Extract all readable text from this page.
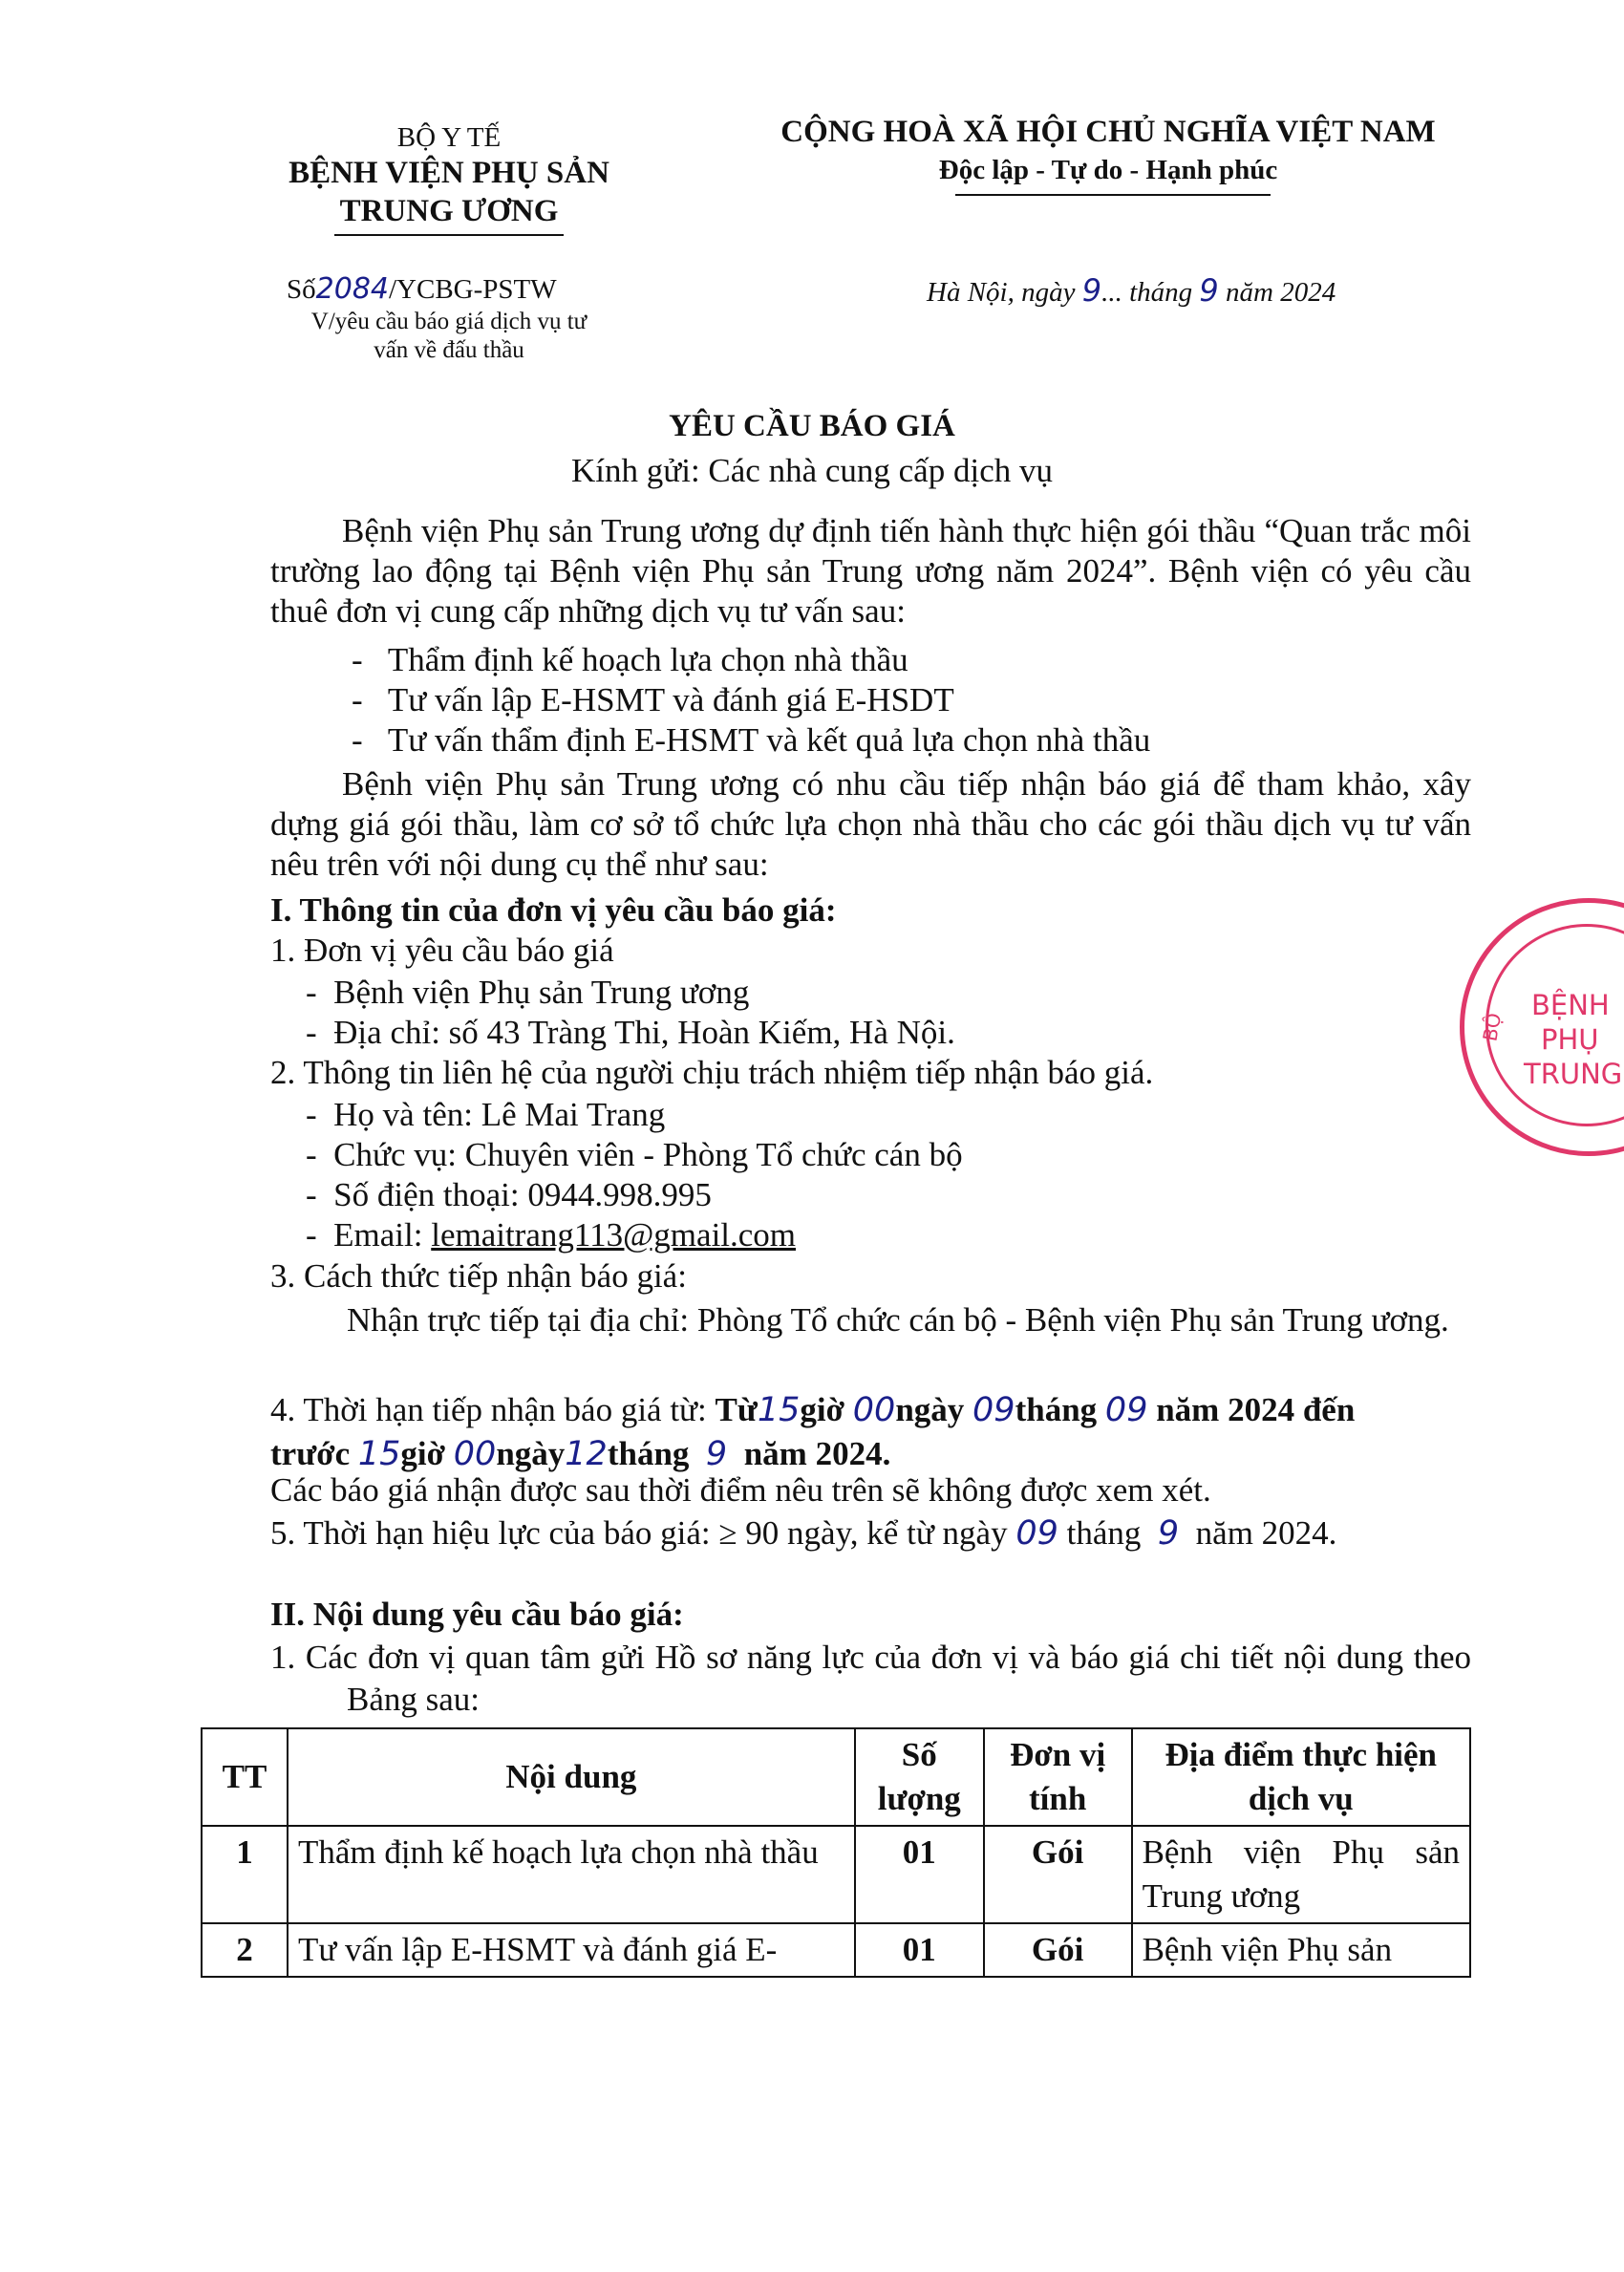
BỘ Y TẾ
BỆNH VIỆN PHỤ SẢN
TRUNG ƯƠNG
CỘNG HOÀ XÃ HỘI CHỦ NGHĨA VIỆT NAM
Độc lập - Tự do - Hạnh phúc
Số2084/YCBG-PSTW
V/yêu cầu báo giá dịch vụ tư
vấn về đấu thầu
Hà Nội, ngày 9... tháng 9 năm 2024
YÊU CẦU BÁO GIÁ
Kính gửi: Các nhà cung cấp dịch vụ
Bệnh viện Phụ sản Trung ương dự định tiến hành thực hiện gói thầu “Quan trắc môi trường lao động tại Bệnh viện Phụ sản Trung ương năm 2024”. Bệnh viện có yêu cầu thuê đơn vị cung cấp những dịch vụ tư vấn sau:
-   Thẩm định kế hoạch lựa chọn nhà thầu
-   Tư vấn lập E-HSMT và đánh giá E-HSDT
-   Tư vấn thẩm định E-HSMT và kết quả lựa chọn nhà thầu
Bệnh viện Phụ sản Trung ương có nhu cầu tiếp nhận báo giá để tham khảo, xây dựng giá gói thầu, làm cơ sở tổ chức lựa chọn nhà thầu cho các gói thầu dịch vụ tư vấn nêu trên với nội dung cụ thể như sau:
I. Thông tin của đơn vị yêu cầu báo giá:
1. Đơn vị yêu cầu báo giá
-  Bệnh viện Phụ sản Trung ương
-  Địa chỉ: số 43 Tràng Thi, Hoàn Kiếm, Hà Nội.
2. Thông tin liên hệ của người chịu trách nhiệm tiếp nhận báo giá.
-  Họ và tên: Lê Mai Trang
-  Chức vụ: Chuyên viên - Phòng Tổ chức cán bộ
-  Số điện thoại: 0944.998.995
-  Email: lemaitrang113@gmail.com
3. Cách thức tiếp nhận báo giá:
Nhận trực tiếp tại địa chỉ: Phòng Tổ chức cán bộ - Bệnh viện Phụ sản Trung ương.
4. Thời hạn tiếp nhận báo giá từ: Từ15giờ 00ngày 09tháng 09 năm 2024 đến
trước 15giờ 00ngày12tháng 9 năm 2024.
Các báo giá nhận được sau thời điểm nêu trên sẽ không được xem xét.
5. Thời hạn hiệu lực của báo giá: ≥ 90 ngày, kể từ ngày 09 tháng 9 năm 2024.
II. Nội dung yêu cầu báo giá:
1. Các đơn vị quan tâm gửi Hồ sơ năng lực của đơn vị và báo giá chi tiết nội dung theo Bảng sau:
TT	Nội dung	Số lượng	Đơn vị tính	Địa điểm thực hiện dịch vụ
1	Thẩm định kế hoạch lựa chọn nhà thầu	01	Gói	Bệnh viện Phụ sản Trung ương
2	Tư vấn lập E-HSMT và đánh giá E-	01	Gói	Bệnh viện Phụ sản
BỆNH
PHỤ
TRUNG
BỘ
